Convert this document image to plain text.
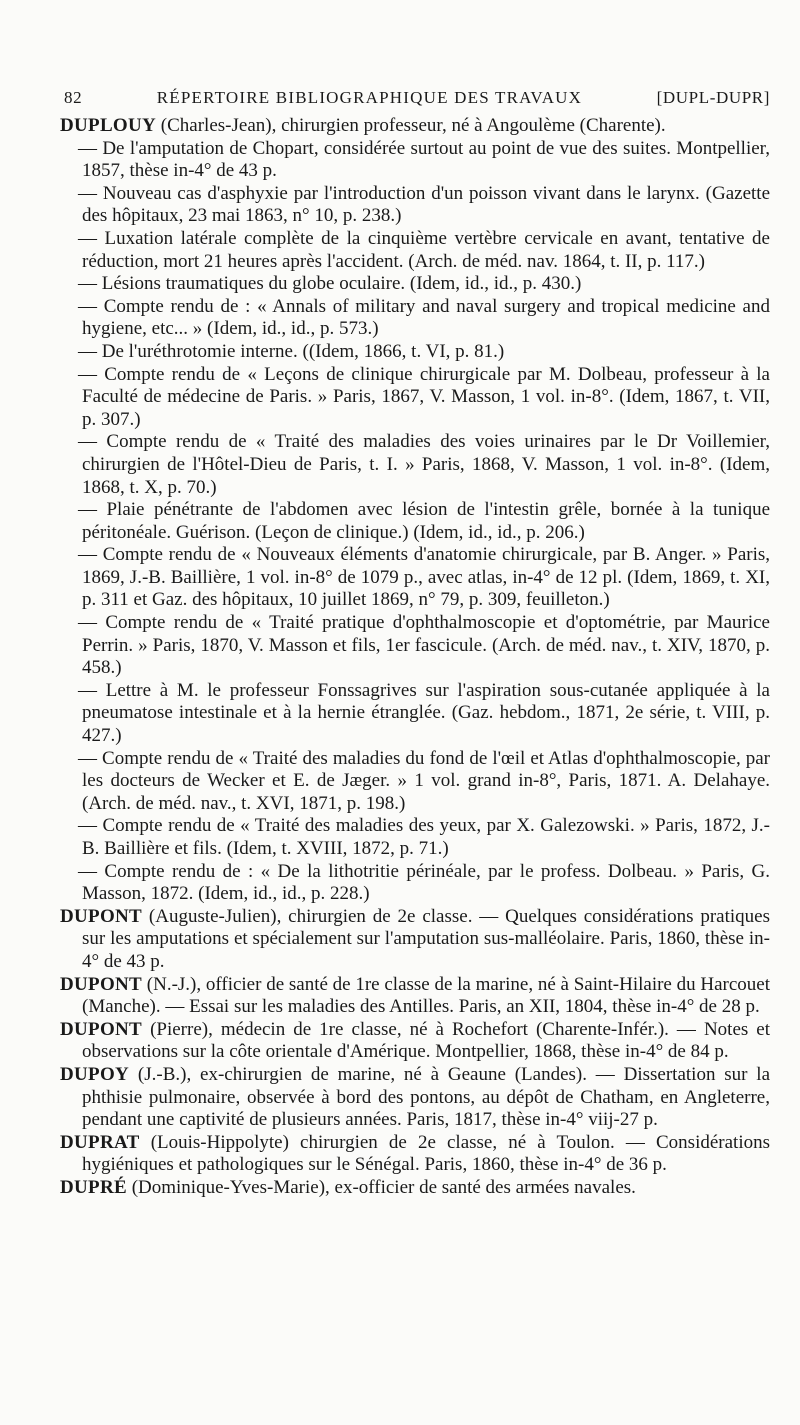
82	RÉPERTOIRE BIBLIOGRAPHIQUE DES TRAVAUX	[DUPL-DUPR]

DUPLOUY (Charles-Jean), chirurgien professeur, né à Angoulème (Charente).

— De l'amputation de Chopart, considérée surtout au point de vue des suites. Montpellier, 1857, thèse in-4° de 43 p.

— Nouveau cas d'asphyxie par l'introduction d'un poisson vivant dans le larynx. (Gazette des hôpitaux, 23 mai 1863, n° 10, p. 238.)

— Luxation latérale complète de la cinquième vertèbre cervicale en avant, tentative de réduction, mort 21 heures après l'accident. (Arch. de méd. nav. 1864, t. II, p. 117.)

— Lésions traumatiques du globe oculaire. (Idem, id., id., p. 430.)

— Compte rendu de : « Annals of military and naval surgery and tropical medicine and hygiene, etc... » (Idem, id., id., p. 573.)

— De l'uréthrotomie interne. ((Idem, 1866, t. VI, p. 81.)

— Compte rendu de « Leçons de clinique chirurgicale par M. Dolbeau, professeur à la Faculté de médecine de Paris. » Paris, 1867, V. Masson, 1 vol. in-8°. (Idem, 1867, t. VII, p. 307.)

— Compte rendu de « Traité des maladies des voies urinaires par le Dr Voillemier, chirurgien de l'Hôtel-Dieu de Paris, t. I. » Paris, 1868, V. Masson, 1 vol. in-8°. (Idem, 1868, t. X, p. 70.)

— Plaie pénétrante de l'abdomen avec lésion de l'intestin grêle, bornée à la tunique péritonéale. Guérison. (Leçon de clinique.) (Idem, id., id., p. 206.)

— Compte rendu de « Nouveaux éléments d'anatomie chirurgicale, par B. Anger. » Paris, 1869, J.-B. Baillière, 1 vol. in-8° de 1079 p., avec atlas, in-4° de 12 pl. (Idem, 1869, t. XI, p. 311 et Gaz. des hôpitaux, 10 juillet 1869, n° 79, p. 309, feuilleton.)

— Compte rendu de « Traité pratique d'ophthalmoscopie et d'optométrie, par Maurice Perrin. » Paris, 1870, V. Masson et fils, 1er fascicule. (Arch. de méd. nav., t. XIV, 1870, p. 458.)

— Lettre à M. le professeur Fonssagrives sur l'aspiration sous-cutanée appliquée à la pneumatose intestinale et à la hernie étranglée. (Gaz. hebdom., 1871, 2e série, t. VIII, p. 427.)

— Compte rendu de « Traité des maladies du fond de l'œil et Atlas d'ophthalmoscopie, par les docteurs de Wecker et E. de Jæger. » 1 vol. grand in-8°, Paris, 1871. A. Delahaye. (Arch. de méd. nav., t. XVI, 1871, p. 198.)

— Compte rendu de « Traité des maladies des yeux, par X. Galezowski. » Paris, 1872, J.-B. Baillière et fils. (Idem, t. XVIII, 1872, p. 71.)

— Compte rendu de : « De la lithotritie périnéale, par le profess. Dolbeau. » Paris, G. Masson, 1872. (Idem, id., id., p. 228.)

DUPONT (Auguste-Julien), chirurgien de 2e classe. — Quelques considérations pratiques sur les amputations et spécialement sur l'amputation sus-malléolaire. Paris, 1860, thèse in-4° de 43 p.

DUPONT (N.-J.), officier de santé de 1re classe de la marine, né à Saint-Hilaire du Harcouet (Manche). — Essai sur les maladies des Antilles. Paris, an XII, 1804, thèse in-4° de 28 p.

DUPONT (Pierre), médecin de 1re classe, né à Rochefort (Charente-Infér.). — Notes et observations sur la côte orientale d'Amérique. Montpellier, 1868, thèse in-4° de 84 p.

DUPOY (J.-B.), ex-chirurgien de marine, né à Geaune (Landes). — Dissertation sur la phthisie pulmonaire, observée à bord des pontons, au dépôt de Chatham, en Angleterre, pendant une captivité de plusieurs années. Paris, 1817, thèse in-4° viij-27 p.

DUPRAT (Louis-Hippolyte) chirurgien de 2e classe, né à Toulon. — Considérations hygiéniques et pathologiques sur le Sénégal. Paris, 1860, thèse in-4° de 36 p.

DUPRÉ (Dominique-Yves-Marie), ex-officier de santé des armées navales.
